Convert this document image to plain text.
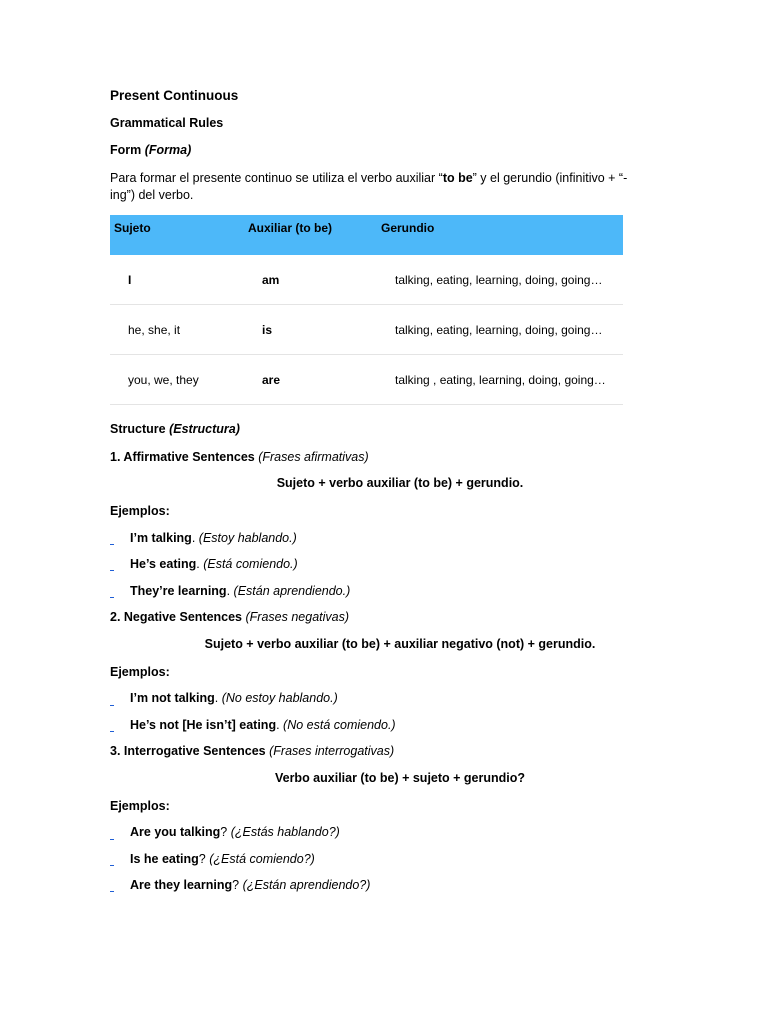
Present Continuous
Grammatical Rules
Form (Forma)
Para formar el presente continuo se utiliza el verbo auxiliar “to be” y el gerundio (infinitivo + “-
ing”) del verbo.
Sujeto	Auxiliar (to be)	Gerundio
I	am	talking, eating, learning, doing, going…
he, she, it	is	talking, eating, learning, doing, going…
you, we, they	are	talking , eating, learning, doing, going…
Structure (Estructura)
1. Affirmative Sentences (Frases afirmativas)
Sujeto + verbo auxiliar (to be) + gerundio.
Ejemplos:
I’m talking. (Estoy hablando.)
He’s eating. (Está comiendo.)
They’re learning. (Están aprendiendo.)
2. Negative Sentences (Frases negativas)
Sujeto + verbo auxiliar (to be) + auxiliar negativo (not) + gerundio.
Ejemplos:
I’m not talking. (No estoy hablando.)
He’s not [He isn’t] eating. (No está comiendo.)
3. Interrogative Sentences (Frases interrogativas)
Verbo auxiliar (to be) + sujeto + gerundio?
Ejemplos:
Are you talking? (¿Estás hablando?)
Is he eating? (¿Está comiendo?)
Are they learning? (¿Están aprendiendo?)
